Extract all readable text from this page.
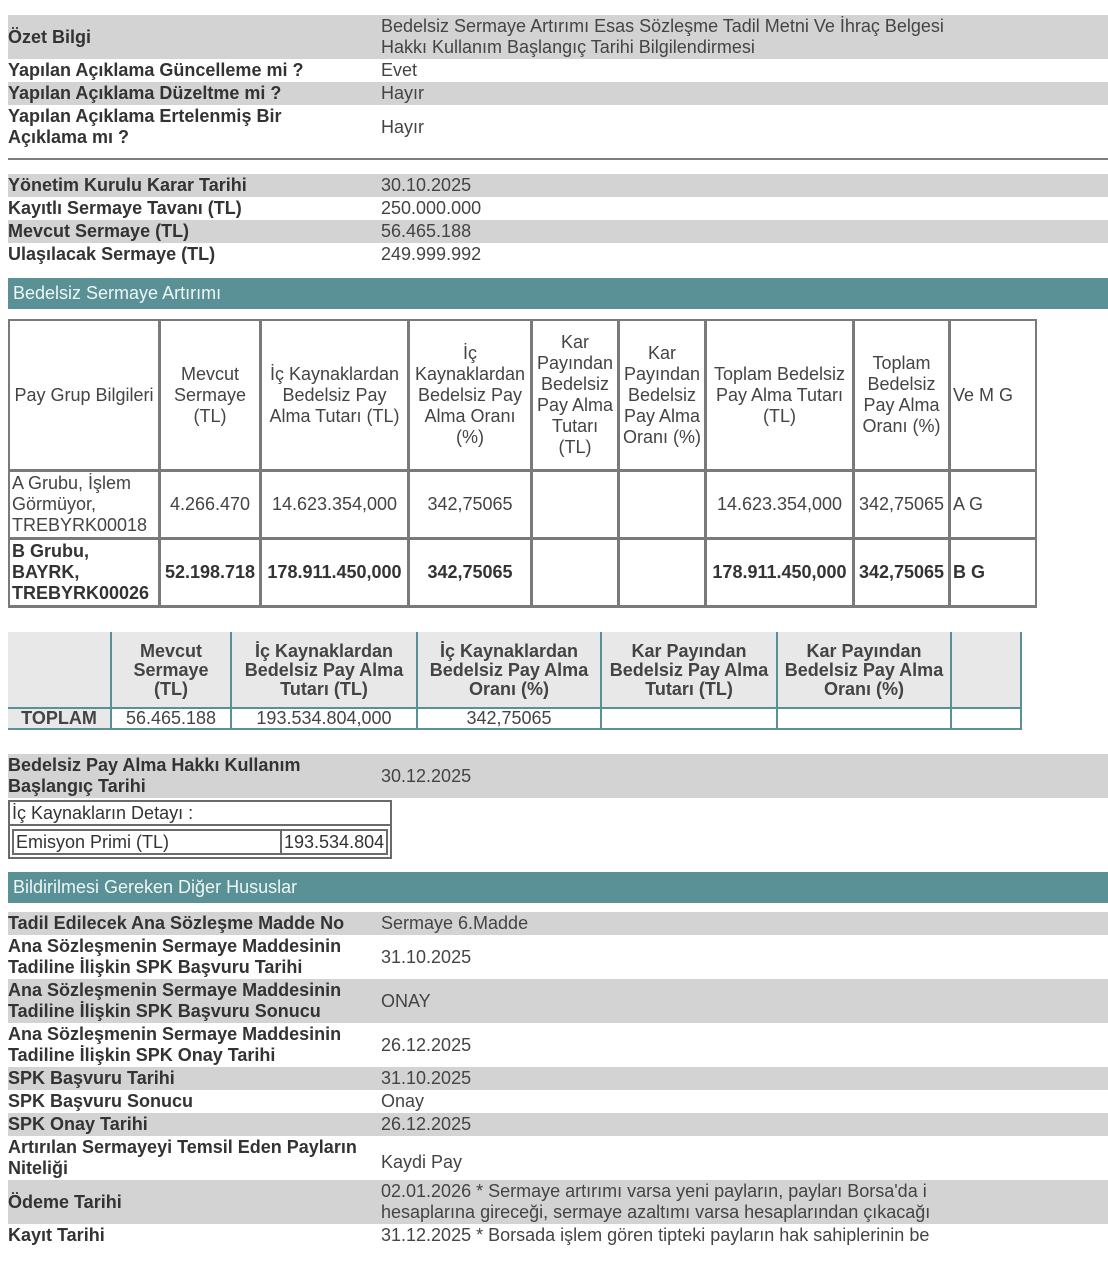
Özet Bilgi	Bedelsiz Sermaye Artırımı Esas Sözleşme Tadil Metni Ve İhraç Belgesi
Hakkı Kullanım Başlangıç Tarihi Bilgilendirmesi

Yapılan Açıklama Güncelleme mi ?	Evet
Yapılan Açıklama Düzeltme mi ?	Hayır
Yapılan Açıklama Ertelenmiş Bir Açıklama mı ?	Hayır
Yönetim Kurulu Karar Tarihi	30.10.2025
Kayıtlı Sermaye Tavanı (TL)	250.000.000
Mevcut Sermaye (TL)	56.465.188
Ulaşılacak Sermaye (TL)	249.999.992
Bedelsiz Sermaye Artırımı
Pay Grup Bilgileri	Mevcut Sermaye (TL)	İç Kaynaklardan Bedelsiz Pay Alma Tutarı (TL)	İç Kaynaklardan Bedelsiz Pay Alma Oranı (%)	Kar Payından Bedelsiz Pay Alma Tutarı (TL)	Kar Payından Bedelsiz Pay Alma Oranı (%)	Toplam Bedelsiz Pay Alma Tutarı (TL)	Toplam Bedelsiz Pay Alma Oranı (%)	Ve M G
A Grubu, İşlem Görmüyor, TREBYRK00018	4.266.470	14.623.354,000	342,75065			14.623.354,000	342,75065	A G
B Grubu, BAYRK, TREBYRK00026	52.198.718	178.911.450,000	342,75065			178.911.450,000	342,75065	B G
	Mevcut Sermaye (TL)	İç Kaynaklardan Bedelsiz Pay Alma Tutarı (TL)	İç Kaynaklardan Bedelsiz Pay Alma Oranı (%)	Kar Payından Bedelsiz Pay Alma Tutarı (TL)	Kar Payından Bedelsiz Pay Alma Oranı (%)	
TOPLAM	56.465.188	193.534.804,000	342,75065			
Bedelsiz Pay Alma Hakkı Kullanım Başlangıç Tarihi	30.12.2025
İç Kaynakların Detayı :
Emisyon Primi (TL)	193.534.804
Bildirilmesi Gereken Diğer Hususlar
Tadil Edilecek Ana Sözleşme Madde No	Sermaye 6.Madde
Ana Sözleşmenin Sermaye Maddesinin Tadiline İlişkin SPK Başvuru Tarihi	31.10.2025
Ana Sözleşmenin Sermaye Maddesinin Tadiline İlişkin SPK Başvuru Sonucu	ONAY
Ana Sözleşmenin Sermaye Maddesinin Tadiline İlişkin SPK Onay Tarihi	26.12.2025
SPK Başvuru Tarihi	31.10.2025
SPK Başvuru Sonucu	Onay
SPK Onay Tarihi	26.12.2025
Artırılan Sermayeyi Temsil Eden Payların Niteliği	Kaydi Pay
Ödeme Tarihi	02.01.2026 * Sermaye artırımı varsa yeni payların, payları Borsa'da i
hesaplarına gireceği, sermaye azaltımı varsa hesaplarından çıkacağı

Kayıt Tarihi	31.12.2025 * Borsada işlem gören tipteki payların hak sahiplerinin be
